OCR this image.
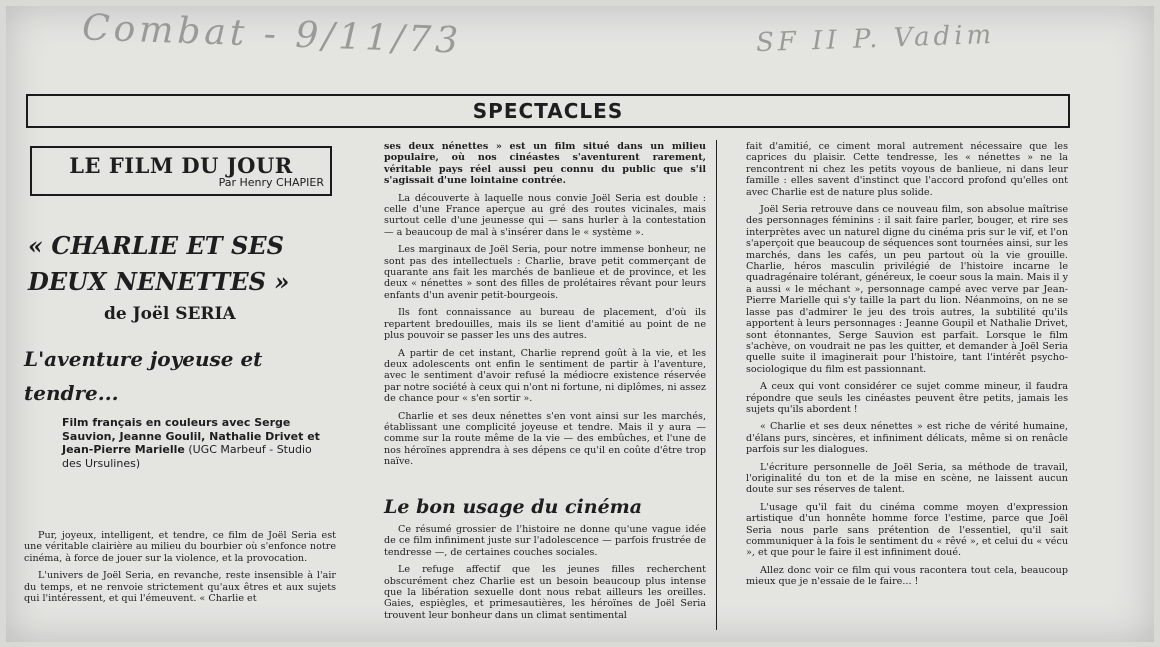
Combat - 9/11/73	SF II P. Vadim
SPECTACLES
LE FILM DU JOUR
Par Henry CHAPIER
« CHARLIE ET SES
DEUX NENETTES »
de Joël SERIA
L'aventure joyeuse et
tendre...
Film français en couleurs avec Serge Sauvion, Jeanne Goulil, Nathalie Drivet et Jean-Pierre Marielle (UGC Marbeuf - Studio des Ursulines)

Pur, joyeux, intelligent, et tendre, ce film de Joël Seria est une véritable clairière au milieu du bourbier où s'enfonce notre cinéma, à force de jouer sur la violence, et la provocation.

L'univers de Joël Seria, en revanche, reste insensible à l'air du temps, et ne renvoie strictement qu'aux êtres et aux sujets qui l'intéressent, et qui l'émeuvent. « Charlie et

ses deux nénettes » est un film situé dans un milieu populaire, où nos cinéastes s'aventurent rarement, véritable pays réel aussi peu connu du public que s'il s'agissait d'une lointaine contrée.

La découverte à laquelle nous convie Joël Seria est double : celle d'une France aperçue au gré des routes vicinales, mais surtout celle d'une jeunesse qui — sans hurler à la contestation — a beaucoup de mal à s'insérer dans le « système ».

Les marginaux de Joël Seria, pour notre immense bonheur, ne sont pas des intellectuels : Charlie, brave petit commerçant de quarante ans fait les marchés de banlieue et de province, et les deux « nénettes » sont des filles de prolétaires rêvant pour leurs enfants d'un avenir petit-bourgeois.

Ils font connaissance au bureau de placement, d'où ils repartent bredouilles, mais ils se lient d'amitié au point de ne plus pouvoir se passer les uns des autres.

A partir de cet instant, Charlie reprend goût à la vie, et les deux adolescents ont enfin le sentiment de partir à l'aventure, avec le sentiment d'avoir refusé la médiocre existence réservée par notre société à ceux qui n'ont ni fortune, ni diplômes, ni assez de chance pour « s'en sortir ».

Charlie et ses deux nénettes s'en vont ainsi sur les marchés, établissant une complicité joyeuse et tendre. Mais il y aura — comme sur la route même de la vie — des embûches, et l'une de nos héroïnes apprendra à ses dépens ce qu'il en coûte d'être trop naïve.

Le bon usage du cinéma

Ce résumé grossier de l'histoire ne donne qu'une vague idée de ce film infiniment juste sur l'adolescence — parfois frustrée de tendresse —, de certaines couches sociales.

Le refuge affectif que les jeunes filles recherchent obscurément chez Charlie est un besoin beaucoup plus intense que la libération sexuelle dont nous rebat ailleurs les oreilles. Gaies, espiègles, et primesautières, les héroïnes de Joël Seria trouvent leur bonheur dans un climat sentimental

fait d'amitié, ce ciment moral autrement nécessaire que les caprices du plaisir. Cette tendresse, les « nénettes » ne la rencontrent ni chez les petits voyous de banlieue, ni dans leur famille : elles savent d'instinct que l'accord profond qu'elles ont avec Charlie est de nature plus solide.

Joël Seria retrouve dans ce nouveau film, son absolue maîtrise des personnages féminins : il sait faire parler, bouger, et rire ses interprètes avec un naturel digne du cinéma pris sur le vif, et l'on s'aperçoit que beaucoup de séquences sont tournées ainsi, sur les marchés, dans les cafés, un peu partout où la vie grouille. Charlie, héros masculin privilégié de l'histoire incarne le quadragénaire tolérant, généreux, le coeur sous la main. Mais il y a aussi « le méchant », personnage campé avec verve par Jean-Pierre Marielle qui s'y taille la part du lion. Néanmoins, on ne se lasse pas d'admirer le jeu des trois autres, la subtilité qu'ils apportent à leurs personnages : Jeanne Goupil et Nathalie Drivet, sont étonnantes, Serge Sauvion est parfait. Lorsque le film s'achève, on voudrait ne pas les quitter, et demander à Joël Seria quelle suite il imaginerait pour l'histoire, tant l'intérêt psycho-sociologique du film est passionnant.

A ceux qui vont considérer ce sujet comme mineur, il faudra répondre que seuls les cinéastes peuvent être petits, jamais les sujets qu'ils abordent !

« Charlie et ses deux nénettes » est riche de vérité humaine, d'élans purs, sincères, et infiniment délicats, même si on renâcle parfois sur les dialogues.

L'écriture personnelle de Joël Seria, sa méthode de travail, l'originalité du ton et de la mise en scène, ne laissent aucun doute sur ses réserves de talent.

L'usage qu'il fait du cinéma comme moyen d'expression artistique d'un honnête homme force l'estime, parce que Joël Seria nous parle sans prétention de l'essentiel, qu'il sait communiquer à la fois le sentiment du « rêvé », et celui du « vécu », et que pour le faire il est infiniment doué.

Allez donc voir ce film qui vous racontera tout cela, beaucoup mieux que je n'essaie de le faire... !
